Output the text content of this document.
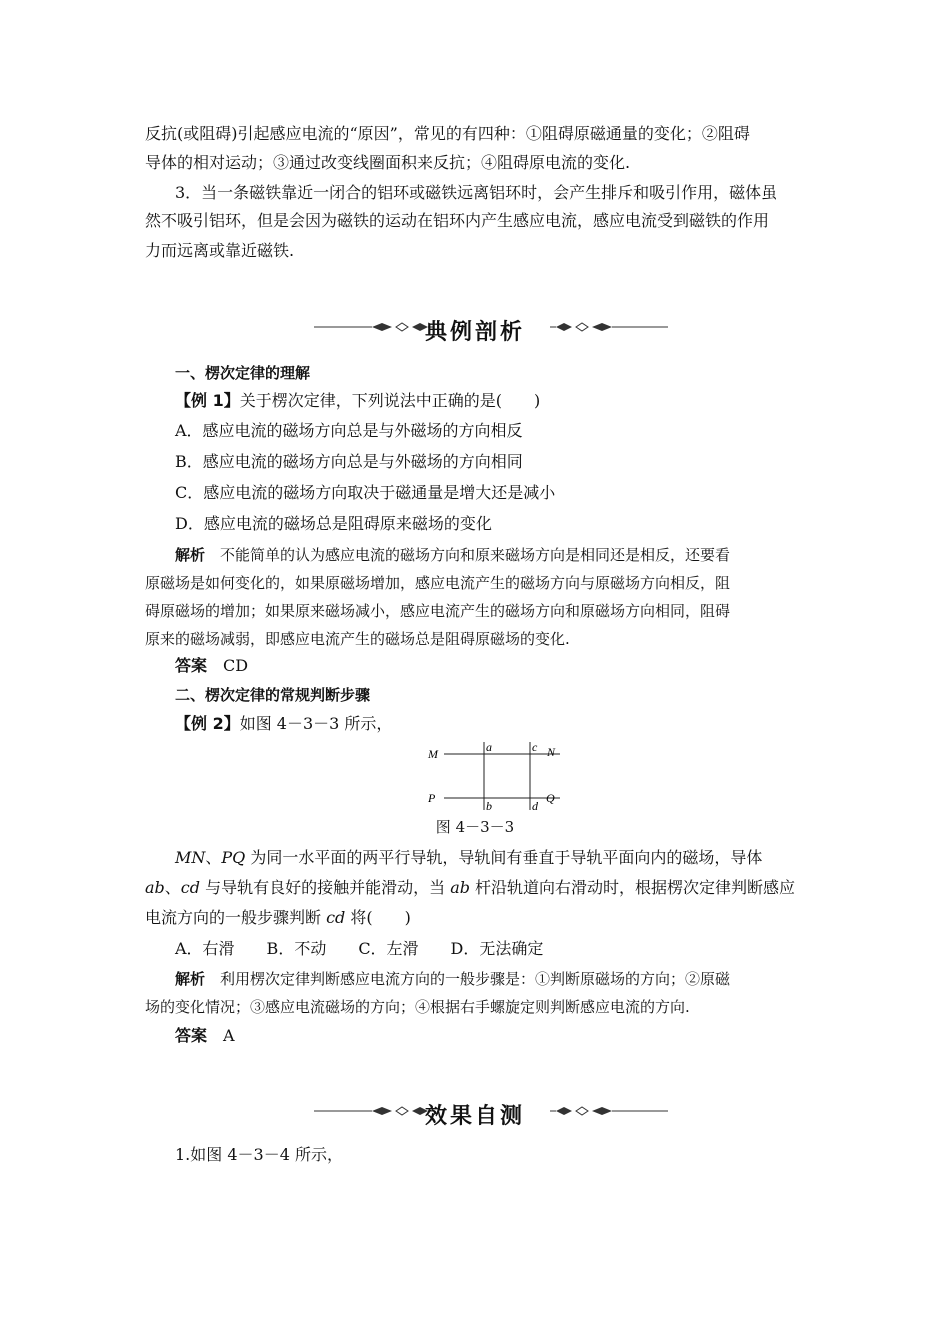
反抗(或阻碍)引起感应电流的“原因”，常见的有四种：①阻碍原磁通量的变化；②阻碍
导体的相对运动；③通过改变线圈面积来反抗；④阻碍原电流的变化.
3．当一条磁铁靠近一闭合的铝环或磁铁远离铝环时，会产生排斥和吸引作用，磁体虽
然不吸引铝环，但是会因为磁铁的运动在铝环内产生感应电流，感应电流受到磁铁的作用
力而远离或靠近磁铁.
典例剖析
一、楞次定律的理解
【例 1】关于楞次定律，下列说法中正确的是(　　)
A．感应电流的磁场方向总是与外磁场的方向相反
B．感应电流的磁场方向总是与外磁场的方向相同
C．感应电流的磁场方向取决于磁通量是增大还是减小
D．感应电流的磁场总是阻碍原来磁场的变化
解析　 不能简单的认为感应电流的磁场方向和原来磁场方向是相同还是相反，还要看
原磁场是如何变化的，如果原磁场增加，感应电流产生的磁场方向与原磁场方向相反，阻
碍原磁场的增加；如果原来磁场减小，感应电流产生的磁场方向和原磁场方向相同，阻碍
原来的磁场减弱，即感应电流产生的磁场总是阻碍原磁场的变化.
答案　 CD
二、楞次定律的常规判断步骤
【例 2】如图 4－3－3 所示，
M	N
P	Q
a
b
c
d
图 4－3－3
MN、PQ 为同一水平面的两平行导轨，导轨间有垂直于导轨平面向内的磁场，导体
ab、cd 与导轨有良好的接触并能滑动，当 ab 杆沿轨道向右滑动时，根据楞次定律判断感应
电流方向的一般步骤判断 cd 将(　　)
A．右滑　　B．不动　　C．左滑　　D．无法确定
解析　 利用楞次定律判断感应电流方向的一般步骤是：①判断原磁场的方向；②原磁
场的变化情况；③感应电流磁场的方向；④根据右手螺旋定则判断感应电流的方向.
答案　 A
效果自测
1.如图 4－3－4 所示，
